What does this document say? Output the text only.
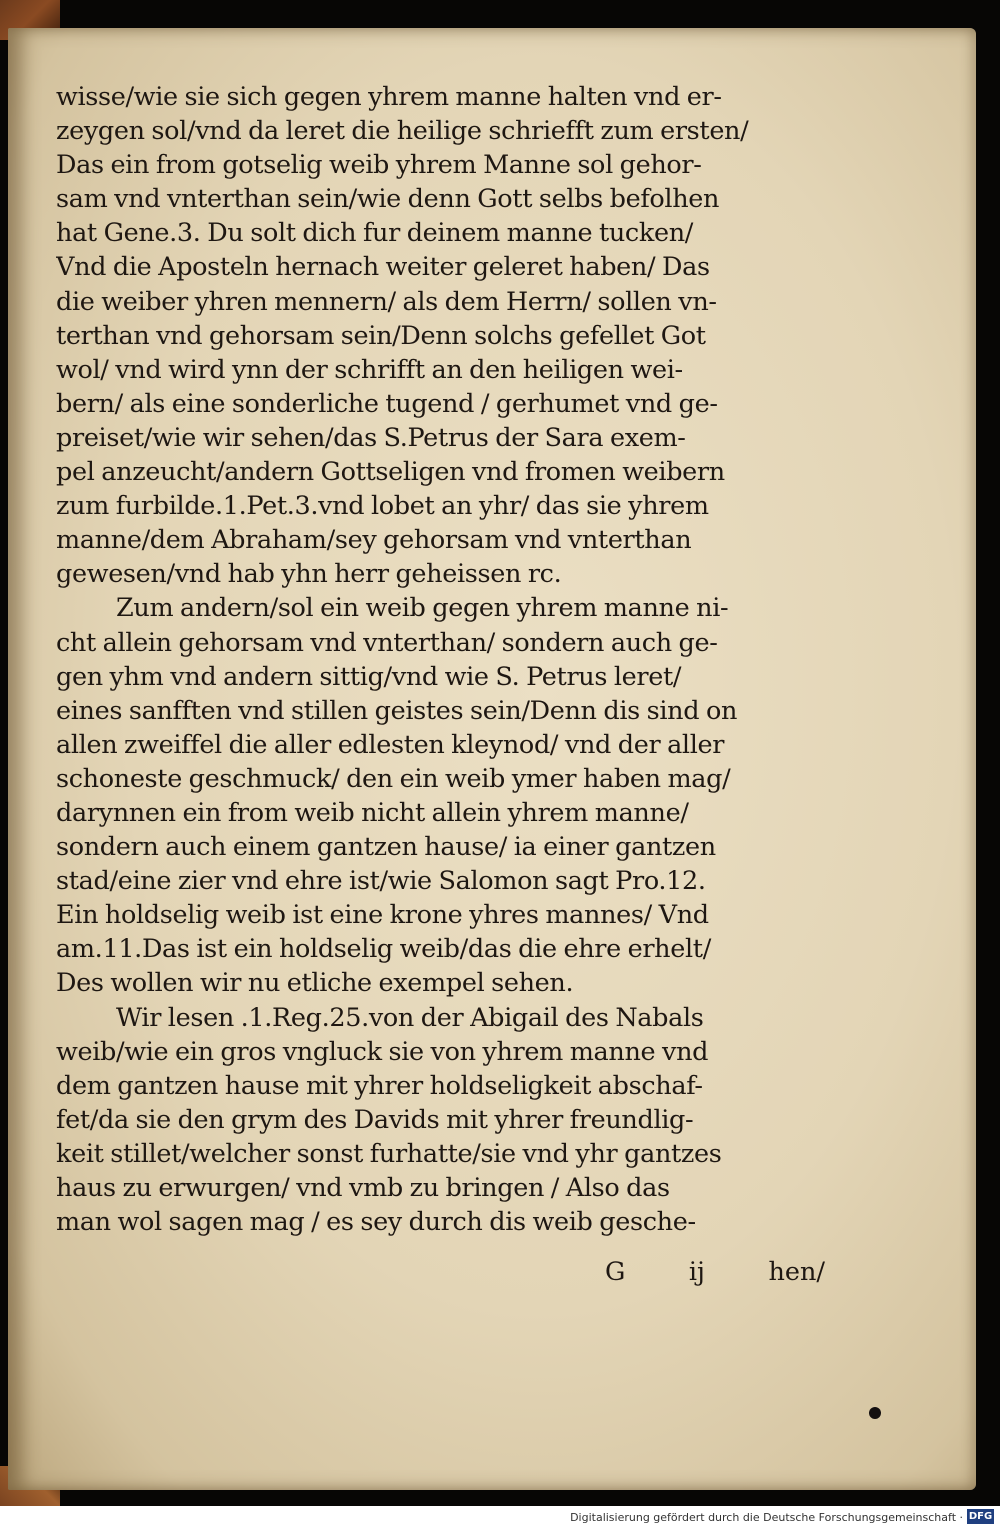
wisse/wie sie sich gegen yhrem manne halten vnd er-
zeygen sol/vnd da leret die heilige schriefft zum ersten/
Das ein from gotselig weib yhrem Manne sol gehor-
sam vnd vnterthan sein/wie denn Gott selbs befolhen
hat Gene.3. Du solt dich fur deinem manne tucken/
Vnd die Aposteln hernach weiter geleret haben/ Das
die weiber yhren mennern/ als dem Herrn/ sollen vn-
terthan vnd gehorsam sein/Denn solchs gefellet Got
wol/ vnd wird ynn der schrifft an den heiligen wei-
bern/ als eine sonderliche tugend / gerhumet vnd ge-
preiset/wie wir sehen/das S.Petrus der Sara exem-
pel anzeucht/andern Gottseligen vnd fromen weibern
zum furbilde.1.Pet.3.vnd lobet an yhr/ das sie yhrem
manne/dem Abraham/sey gehorsam vnd vnterthan
gewesen/vnd hab yhn herr geheissen rc.
Zum andern/sol ein weib gegen yhrem manne ni-
cht allein gehorsam vnd vnterthan/ sondern auch ge-
gen yhm vnd andern sittig/vnd wie S. Petrus leret/
eines sanfften vnd stillen geistes sein/Denn dis sind on
allen zweiffel die aller edlesten kleynod/ vnd der aller
schoneste geschmuck/ den ein weib ymer haben mag/
darynnen ein from weib nicht allein yhrem manne/
sondern auch einem gantzen hause/ ia einer gantzen
stad/eine zier vnd ehre ist/wie Salomon sagt Pro.12.
Ein holdselig weib ist eine krone yhres mannes/ Vnd
am.11.Das ist ein holdselig weib/das die ehre erhelt/
Des wollen wir nu etliche exempel sehen.
Wir lesen .1.Reg.25.von der Abigail des Nabals
weib/wie ein gros vngluck sie von yhrem manne vnd
dem gantzen hause mit yhrer holdseligkeit abschaf-
fet/da sie den grym des Davids mit yhrer freundlig-
keit stillet/welcher sonst furhatte/sie vnd yhr gantzes
haus zu erwurgen/ vnd vmb zu bringen / Also das
man wol sagen mag / es sey durch dis weib gesche-
G ij hen/
Digitalisierung gefördert durch die Deutsche Forschungsgemeinschaft · DFG
